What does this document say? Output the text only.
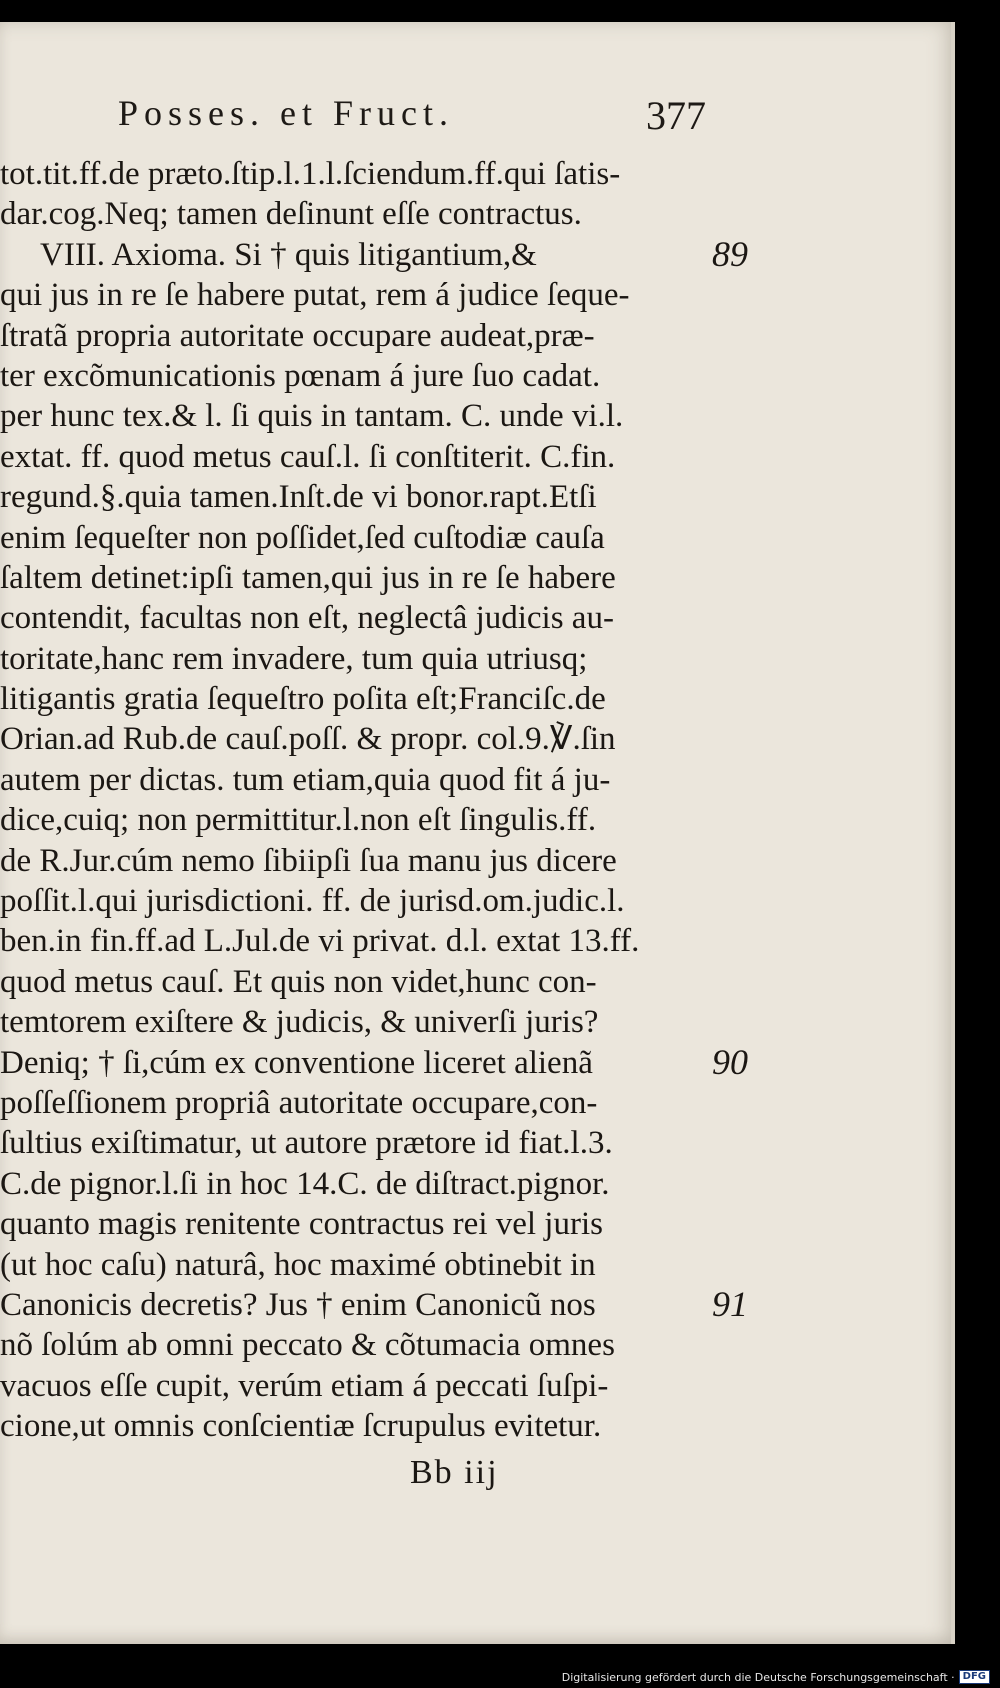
Posses. et Fruct.	377
tot.tit.ff.de præto.ſtip.l.1.l.ſciendum.ff.qui ſatis-
dar.cog.Neq; tamen deſinunt eſſe contractus.
VIII. Axioma. Si † quis litigantium,&
qui jus in re ſe habere putat, rem á judice ſeque-
ſtratã propria autoritate occupare audeat,præ-
ter excõmunicationis pœnam á jure ſuo cadat.
per hunc tex.& l. ſi quis in tantam. C. unde vi.l.
extat. ff. quod metus cauſ.l. ſi conſtiterit. C.fin.
regund.§.quia tamen.Inſt.de vi bonor.rapt.Etſi
enim ſequeſter non poſſidet,ſed cuſtodiæ cauſa
ſaltem detinet:ipſi tamen,qui jus in re ſe habere
contendit, facultas non eſt, neglectâ judicis au-
toritate,hanc rem invadere, tum quia utriusq;
litigantis gratia ſequeſtro poſita eſt;Franciſc.de
Orian.ad Rub.de cauſ.poſſ. & propr. col.9.℣.ſin
autem per dictas. tum etiam,quia quod fit á ju-
dice,cuiq; non permittitur.l.non eſt ſingulis.ff.
de R.Jur.cúm nemo ſibiipſi ſua manu jus dicere
poſſit.l.qui jurisdictioni. ff. de jurisd.om.judic.l.
ben.in fin.ff.ad L.Jul.de vi privat. d.l. extat 13.ff.
quod metus cauſ. Et quis non videt,hunc con-
temtorem exiſtere & judicis, & univerſi juris?
Deniq; † ſi,cúm ex conventione liceret alienã
poſſeſſionem propriâ autoritate occupare,con-
ſultius exiſtimatur, ut autore prætore id fiat.l.3.
C.de pignor.l.ſi in hoc 14.C. de diſtract.pignor.
quanto magis renitente contractus rei vel juris
(ut hoc caſu) naturâ, hoc maximé obtinebit in
Canonicis decretis? Jus † enim Canonicũ nos
nõ ſolúm ab omni peccato & cõtumacia omnes
vacuos eſſe cupit, verúm etiam á peccati ſuſpi-
cione,ut omnis conſcientiæ ſcrupulus evitetur.
89
90
91
Bb iij
Digitalisierung gefördert durch die Deutsche Forschungsgemeinschaft · DFG
